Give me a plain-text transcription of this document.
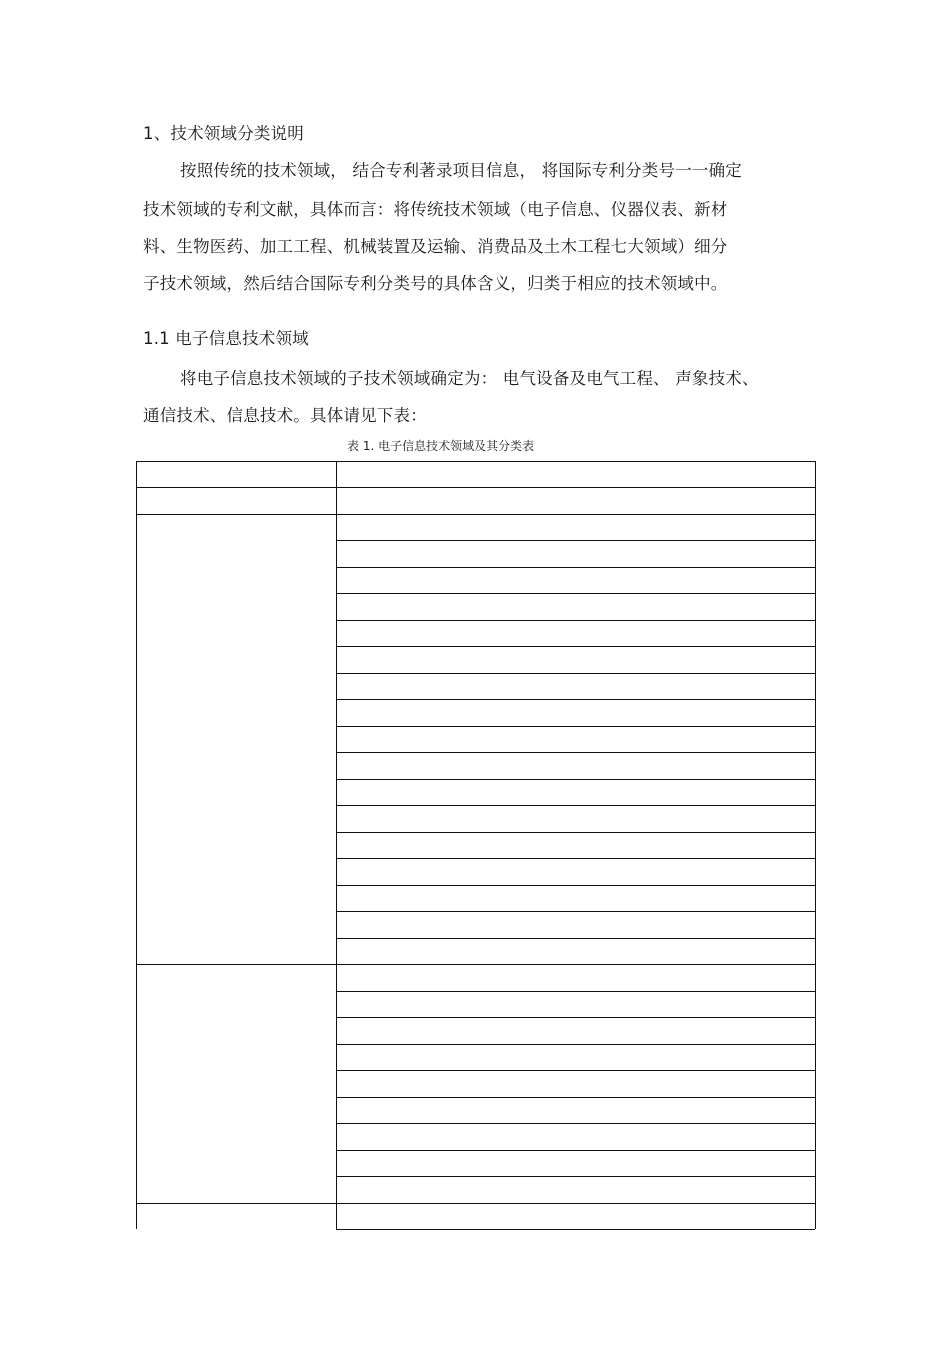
1、技术领域分类说明
按照传统的技术领域， 结合专利著录项目信息， 将国际专利分类号一一确定
技术领域的专利文献，具体而言：将传统技术领域（电子信息、仪器仪表、新材
料、生物医药、加工工程、机械装置及运输、消费品及土木工程七大领域）细分
子技术领域，然后结合国际专利分类号的具体含义，归类于相应的技术领域中。
1.1 电子信息技术领域
将电子信息技术领域的子技术领域确定为： 电气设备及电气工程、 声象技术、
通信技术、信息技术。具体请见下表：
表 1. 电子信息技术领域及其分类表
